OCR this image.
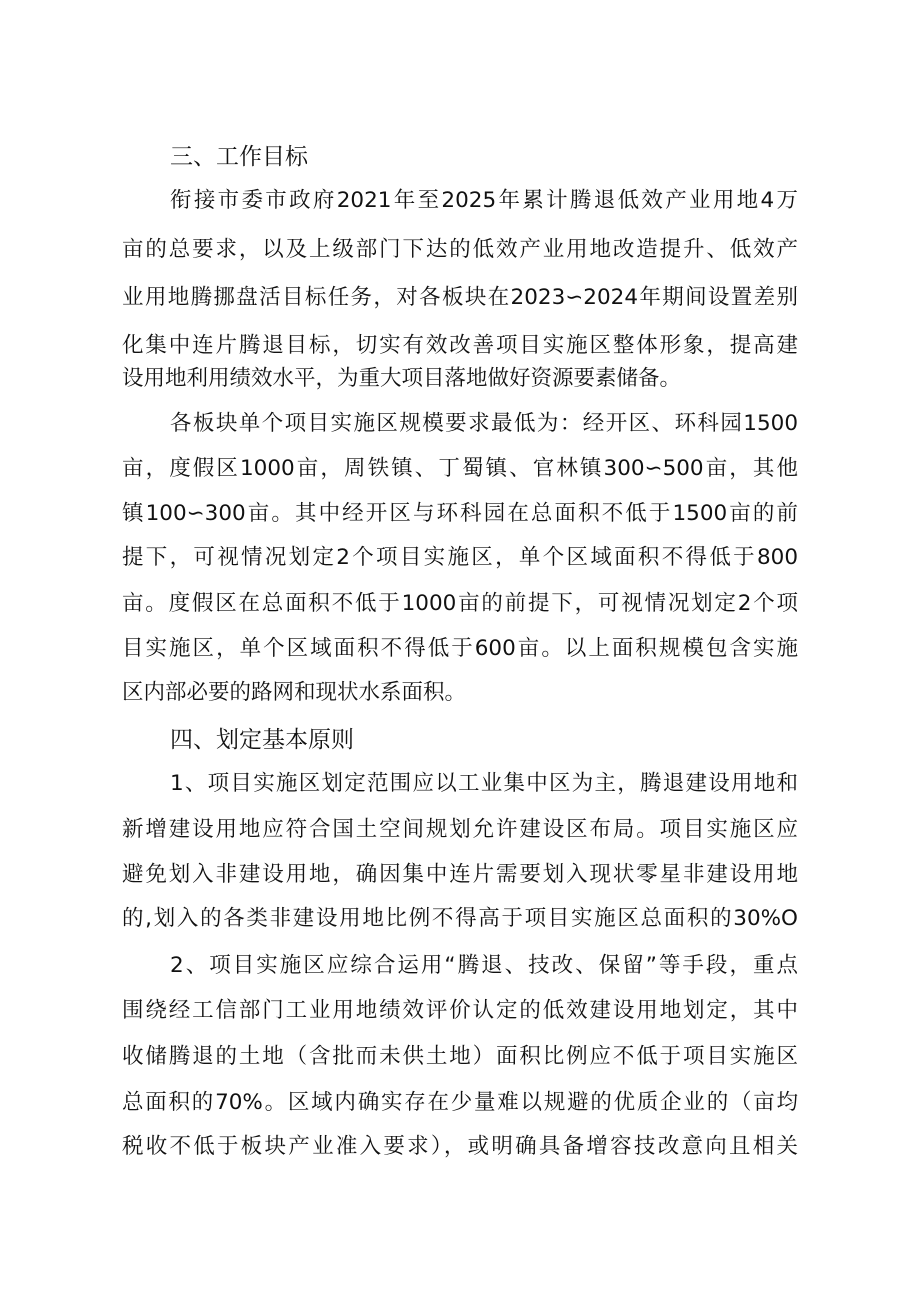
三、工作目标
衔接市委市政府2021年至2025年累计腾退低效产业用地4万
亩的总要求，以及上级部门下达的低效产业用地改造提升、低效产
业用地腾挪盘活目标任务，对各板块在2023∽2024年期间设置差别
化集中连片腾退目标，切实有效改善项目实施区整体形象，提高建
设用地利用绩效水平，为重大项目落地做好资源要素储备。
各板块单个项目实施区规模要求最低为：经开区、环科园1500
亩，度假区1000亩，周铁镇、丁蜀镇、官林镇300∽500亩，其他
镇100∽300亩。其中经开区与环科园在总面积不低于1500亩的前
提下，可视情况划定2个项目实施区，单个区域面积不得低于800
亩。度假区在总面积不低于1000亩的前提下，可视情况划定2个项
目实施区，单个区域面积不得低于600亩。以上面积规模包含实施
区内部必要的路网和现状水系面积。
四、划定基本原则
1、项目实施区划定范围应以工业集中区为主，腾退建设用地和
新增建设用地应符合国土空间规划允许建设区布局。项目实施区应
避免划入非建设用地，确因集中连片需要划入现状零星非建设用地
的,划入的各类非建设用地比例不得高于项目实施区总面积的30%O
2、项目实施区应综合运用“腾退、技改、保留”等手段，重点
围绕经工信部门工业用地绩效评价认定的低效建设用地划定，其中
收储腾退的土地（含批而未供土地）面积比例应不低于项目实施区
总面积的70%。区域内确实存在少量难以规避的优质企业的（亩均
税收不低于板块产业准入要求），或明确具备增容技改意向且相关
